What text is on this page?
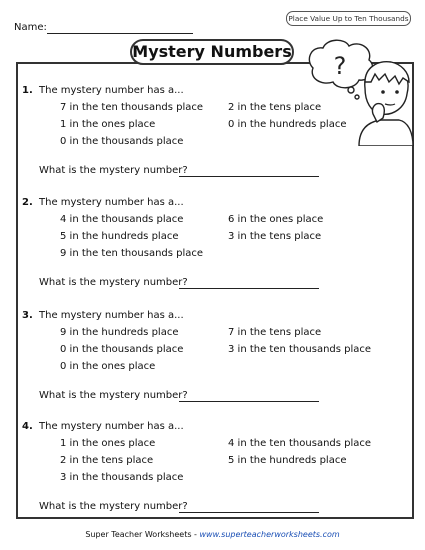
Name:
Place Value Up to Ten Thousands
Mystery Numbers
?
1. The mystery number has a...
7 in the ten thousands place
1 in the ones place
0 in the thousands place
2 in the tens place
0 in the hundreds place
What is the mystery number?
2. The mystery number has a...
4 in the thousands place
5 in the hundreds place
9 in the ten thousands place
6 in the ones place
3 in the tens place
What is the mystery number?
3. The mystery number has a...
9 in the hundreds place
0 in the thousands place
0 in the ones place
7 in the tens place
3 in the ten thousands place
What is the mystery number?
4. The mystery number has a...
1 in the ones place
2 in the tens place
3 in the thousands place
4 in the ten thousands place
5 in the hundreds place
What is the mystery number?
Super Teacher Worksheets - www.superteacherworksheets.com
